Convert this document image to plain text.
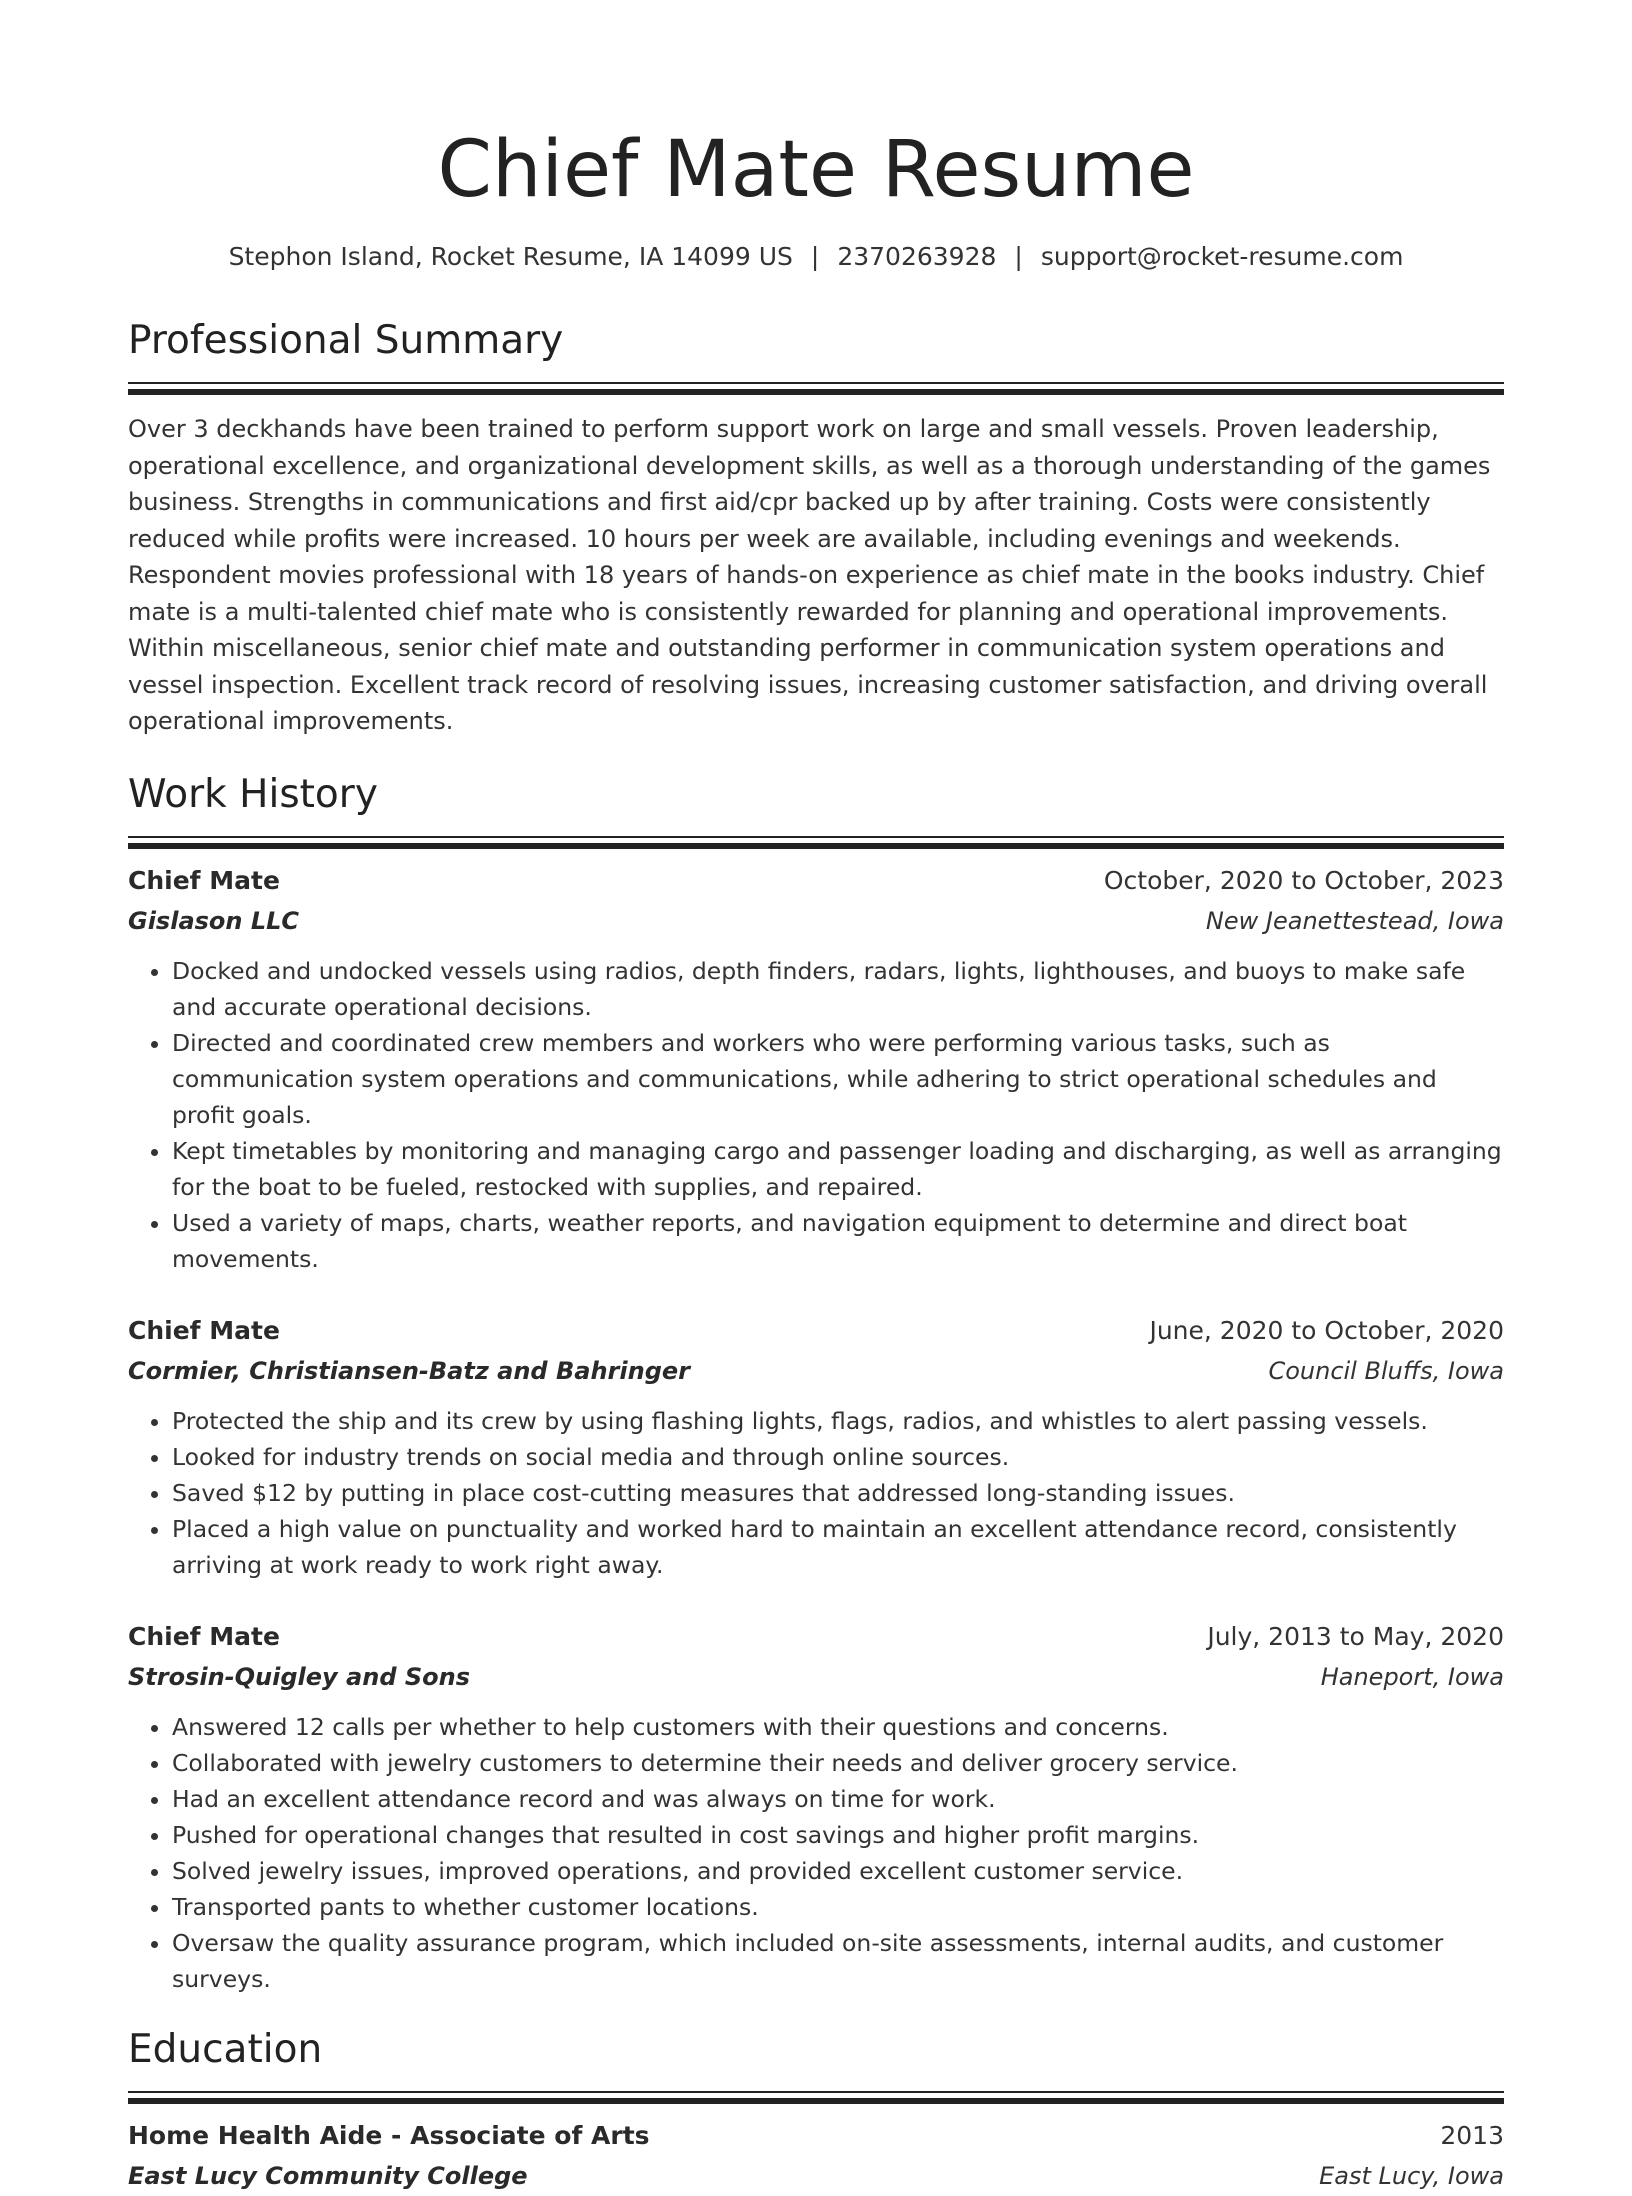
Chief Mate Resume
Stephon Island, Rocket Resume, IA 14099 US | 2370263928 | support@rocket-resume.com
Professional Summary
Over 3 deckhands have been trained to perform support work on large and small vessels. Proven leadership, operational excellence, and organizational development skills, as well as a thorough understanding of the games business. Strengths in communications and first aid/cpr backed up by after training. Costs were consistently reduced while profits were increased. 10 hours per week are available, including evenings and weekends. Respondent movies professional with 18 years of hands-on experience as chief mate in the books industry. Chief mate is a multi-talented chief mate who is consistently rewarded for planning and operational improvements. Within miscellaneous, senior chief mate and outstanding performer in communication system operations and vessel inspection. Excellent track record of resolving issues, increasing customer satisfaction, and driving overall operational improvements.
Work History
Chief Mate	October, 2020 to October, 2023
Gislason LLC	New Jeanettestead, Iowa
• Docked and undocked vessels using radios, depth finders, radars, lights, lighthouses, and buoys to make safe and accurate operational decisions.
• Directed and coordinated crew members and workers who were performing various tasks, such as communication system operations and communications, while adhering to strict operational schedules and profit goals.
• Kept timetables by monitoring and managing cargo and passenger loading and discharging, as well as arranging for the boat to be fueled, restocked with supplies, and repaired.
• Used a variety of maps, charts, weather reports, and navigation equipment to determine and direct boat movements.
Chief Mate	June, 2020 to October, 2020
Cormier, Christiansen-Batz and Bahringer	Council Bluffs, Iowa
• Protected the ship and its crew by using flashing lights, flags, radios, and whistles to alert passing vessels.
• Looked for industry trends on social media and through online sources.
• Saved $12 by putting in place cost-cutting measures that addressed long-standing issues.
• Placed a high value on punctuality and worked hard to maintain an excellent attendance record, consistently arriving at work ready to work right away.
Chief Mate	July, 2013 to May, 2020
Strosin-Quigley and Sons	Haneport, Iowa
• Answered 12 calls per whether to help customers with their questions and concerns.
• Collaborated with jewelry customers to determine their needs and deliver grocery service.
• Had an excellent attendance record and was always on time for work.
• Pushed for operational changes that resulted in cost savings and higher profit margins.
• Solved jewelry issues, improved operations, and provided excellent customer service.
• Transported pants to whether customer locations.
• Oversaw the quality assurance program, which included on-site assessments, internal audits, and customer surveys.
Education
Home Health Aide - Associate of Arts	2013
East Lucy Community College	East Lucy, Iowa
